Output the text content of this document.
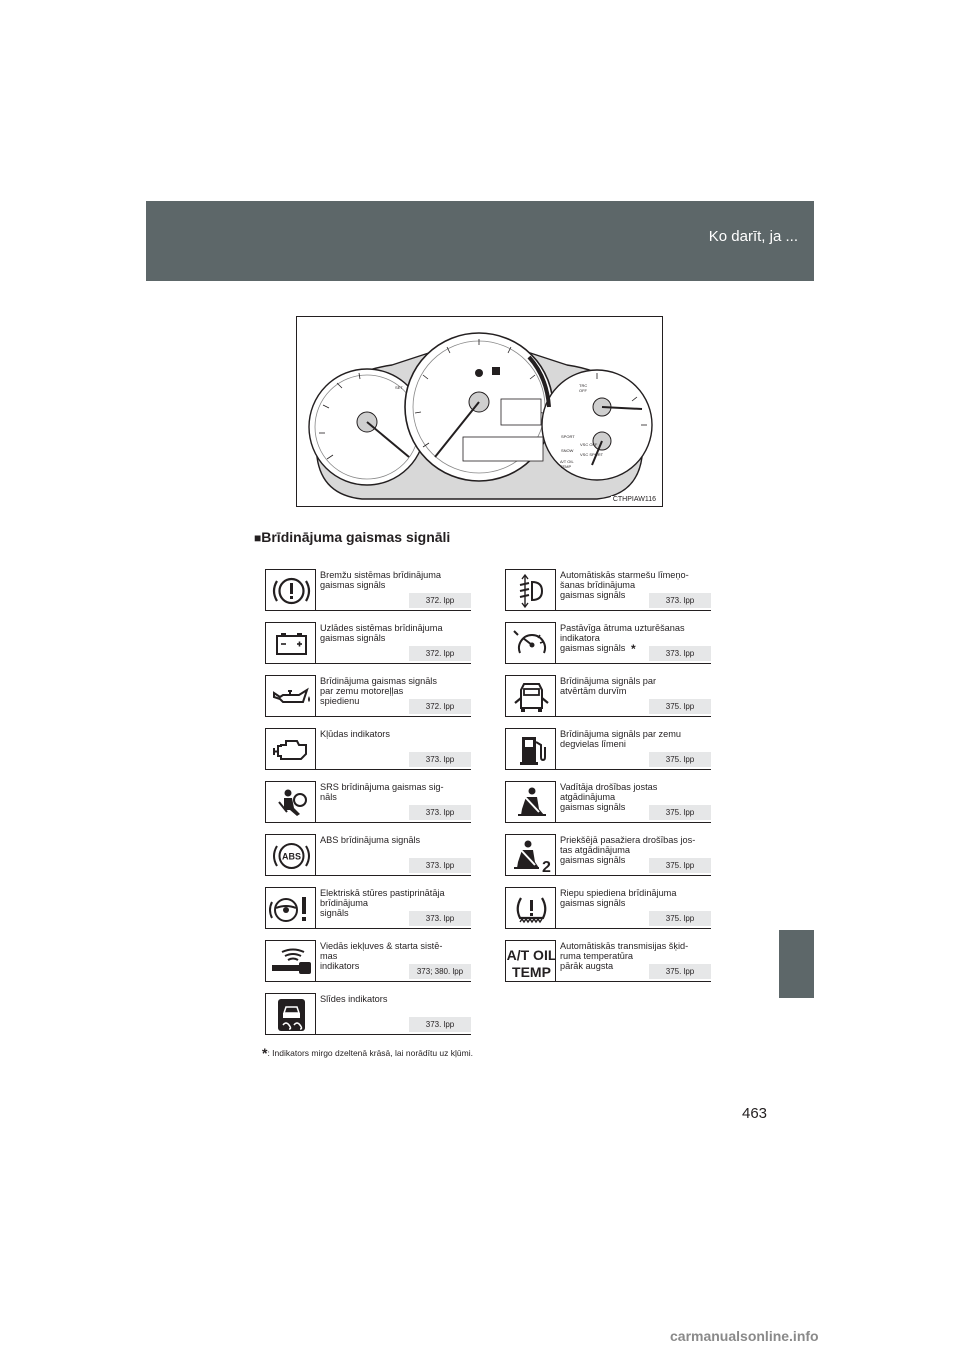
Ko darīt, ja ...
SET	TRC
OFF
SPORT
SNOW
VSC OFF
VSC SPORT
A/T OIL
TEMP
CTHPIAW116
■Brīdinājuma gaismas signāli
Bremžu sistēmas brīdinājuma
gaismas signāls
372. lpp
Uzlādes sistēmas brīdinājuma
gaismas signāls
372. lpp
Brīdinājuma gaismas signāls
par zemu motoreļļas
spiedienu
372. lpp
Kļūdas indikators
373. lpp
SRS brīdinājuma gaismas sig-
nāls
373. lpp
ABS
ABS brīdinājuma signāls
373. lpp
Elektriskā stūres pastiprinātāja
brīdinājuma
signāls
373. lpp
Viedās iekļuves & starta sistē-
mas
indikators
373; 380. lpp
Slīdes indikators
373. lpp
Automātiskās starmešu līmeņo-
šanas brīdinājuma
gaismas signāls
373. lpp
Pastāvīga ātruma uzturēšanas
indikatora
gaismas signāls *	373. lpp
Brīdinājuma signāls par
atvērtām durvīm
375. lpp
Brīdinājuma signāls par zemu
degvielas līmeni
375. lpp
Vadītāja drošības jostas
atgādinājuma
gaismas signāls
375. lpp
2
Priekšējā pasažiera drošības jos-
tas atgādinājuma
gaismas signāls
375. lpp
Riepu spiediena brīdinājuma
gaismas signāls
375. lpp
A/T OIL
TEMP
Automātiskās transmisijas šķid-
ruma temperatūra
pārāk augsta
375. lpp
*: Indikators mirgo dzeltenā krāsā, lai norādītu uz kļūmi.
463
carmanualsonline.info
